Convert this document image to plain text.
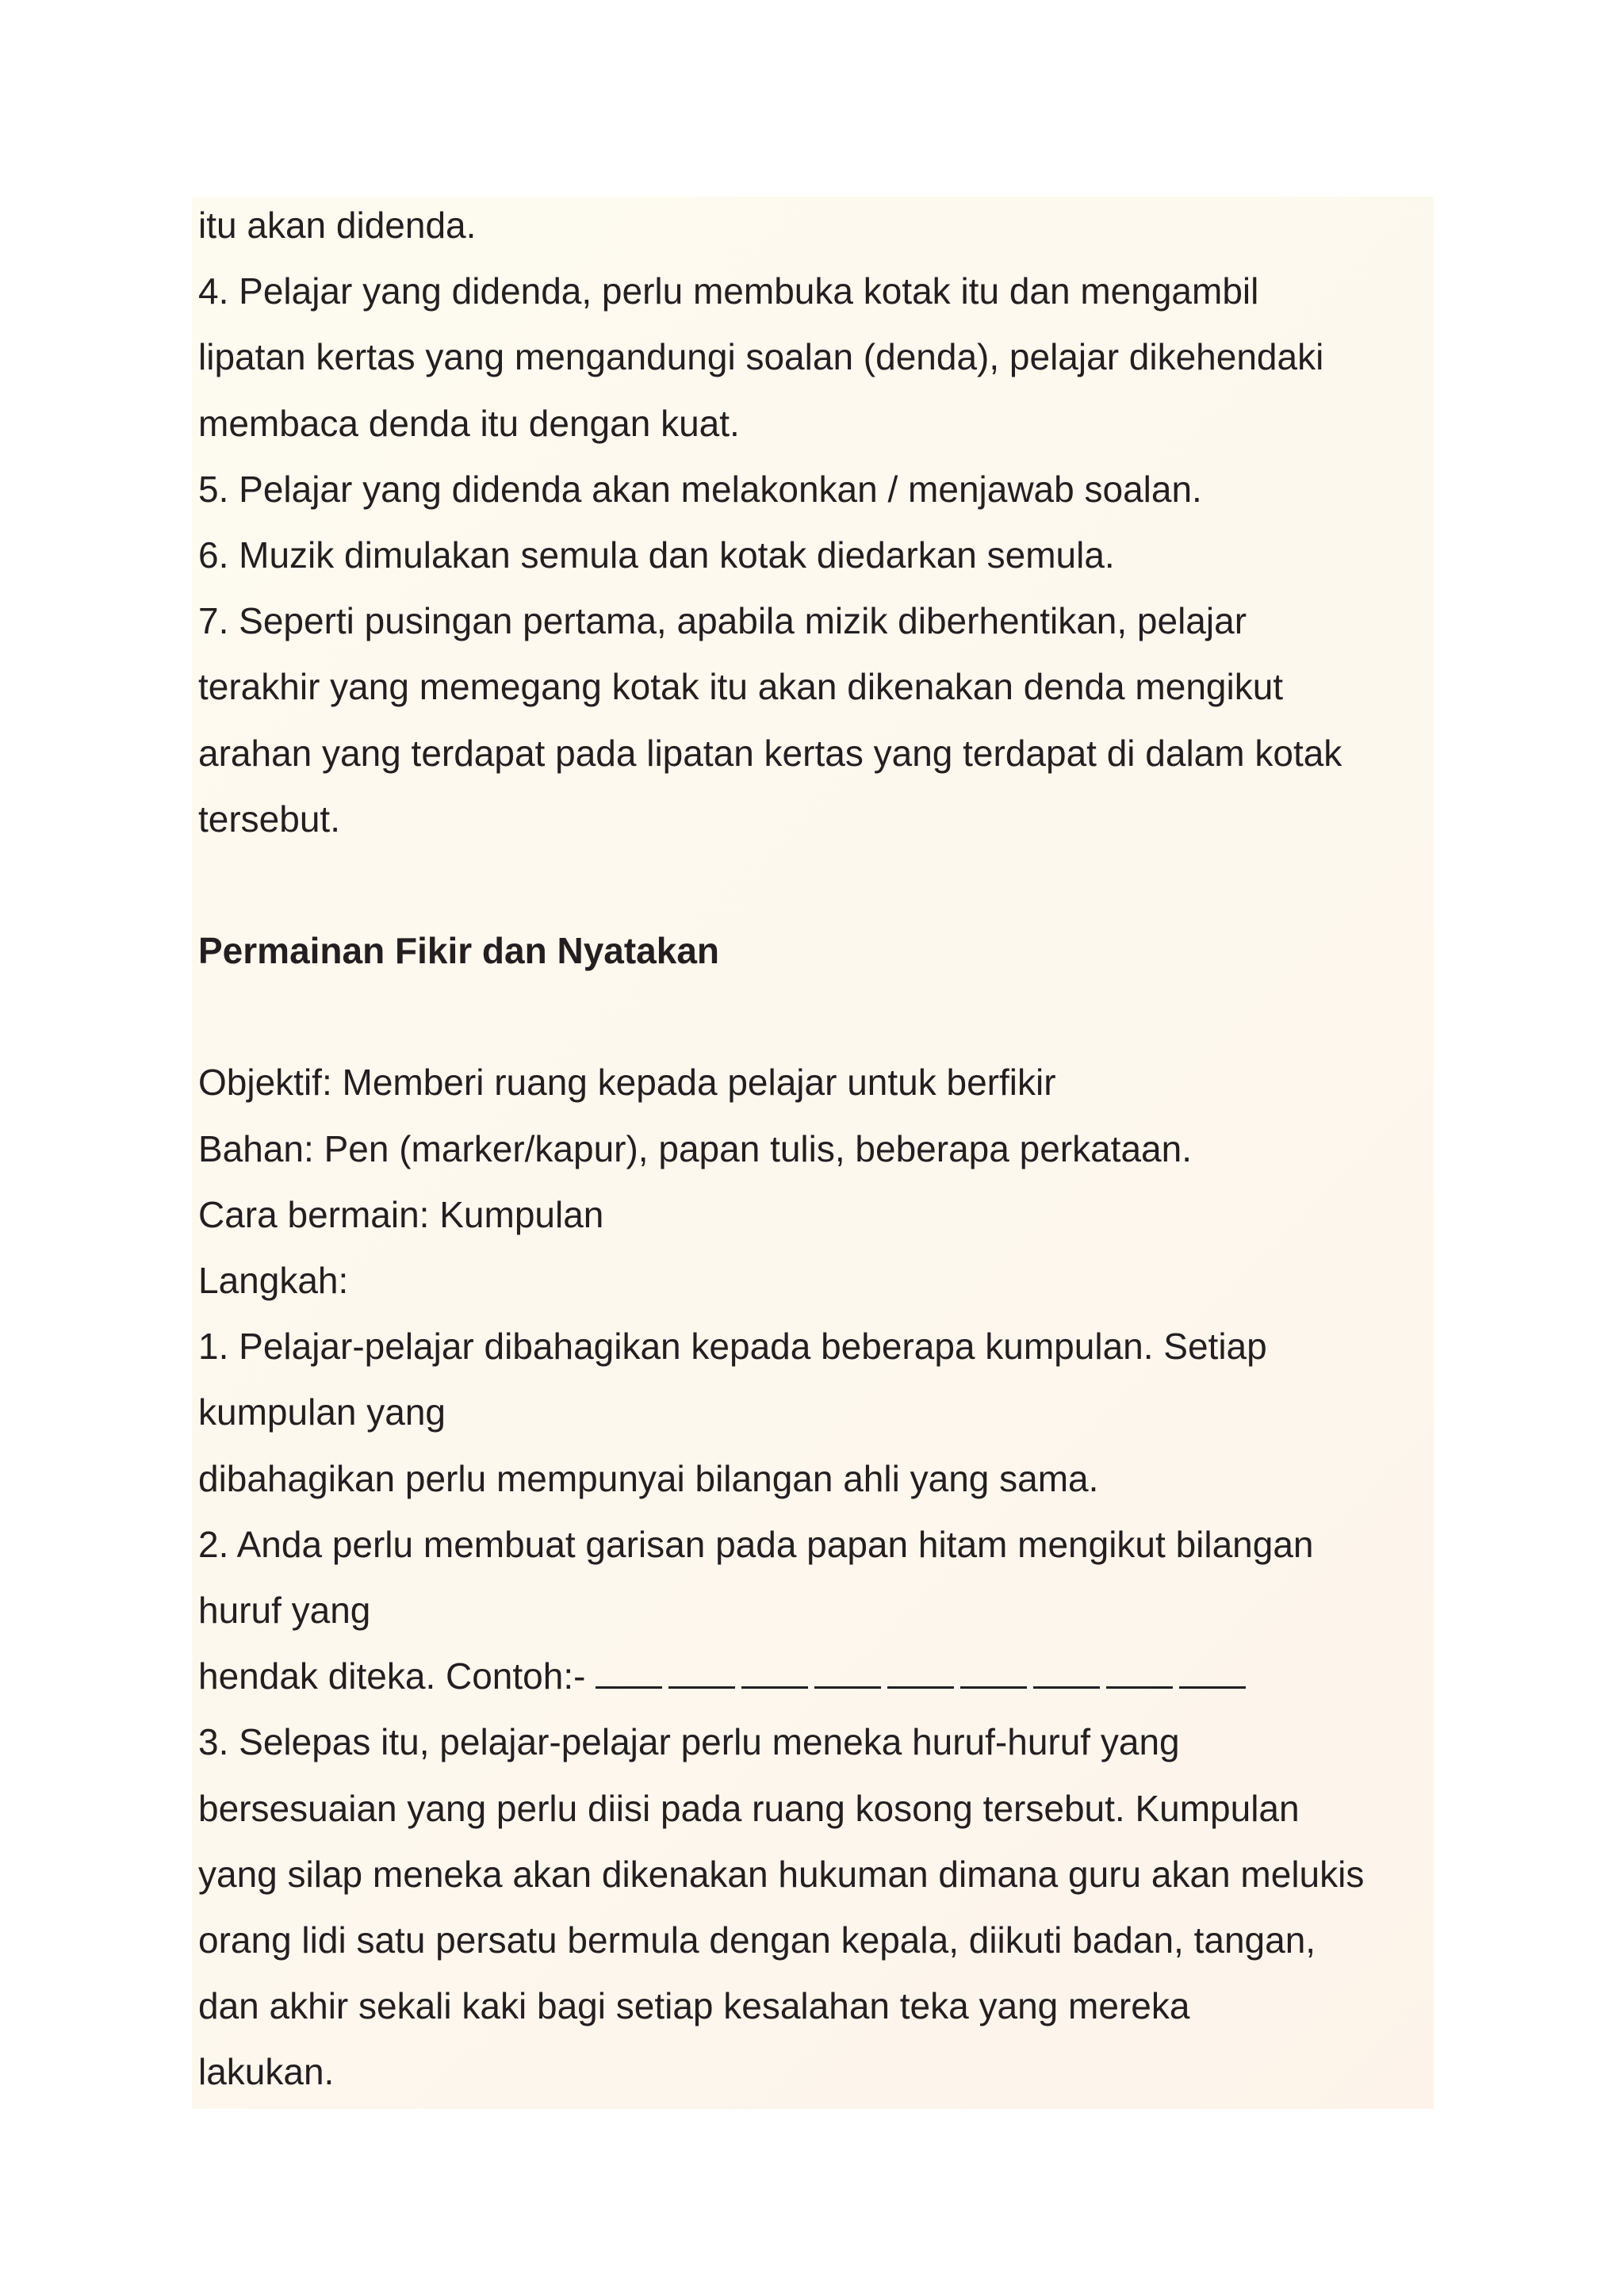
itu akan didenda.
4. Pelajar yang didenda, perlu membuka kotak itu dan mengambil
lipatan kertas yang mengandungi soalan (denda), pelajar dikehendaki
membaca denda itu dengan kuat.
5. Pelajar yang didenda akan melakonkan / menjawab soalan.
6. Muzik dimulakan semula dan kotak diedarkan semula.
7. Seperti pusingan pertama, apabila mizik diberhentikan, pelajar
terakhir yang memegang kotak itu akan dikenakan denda mengikut
arahan yang terdapat pada lipatan kertas yang terdapat di dalam kotak
tersebut.
Permainan Fikir dan Nyatakan
Objektif: Memberi ruang kepada pelajar untuk berfikir
Bahan: Pen (marker/kapur), papan tulis, beberapa perkataan.
Cara bermain: Kumpulan
Langkah:
1. Pelajar-pelajar dibahagikan kepada beberapa kumpulan. Setiap
kumpulan yang
dibahagikan perlu mempunyai bilangan ahli yang sama.
2. Anda perlu membuat garisan pada papan hitam mengikut bilangan
huruf yang
hendak diteka. Contoh:-
3. Selepas itu, pelajar-pelajar perlu meneka huruf-huruf yang
bersesuaian yang perlu diisi pada ruang kosong tersebut. Kumpulan
yang silap meneka akan dikenakan hukuman dimana guru akan melukis
orang lidi satu persatu bermula dengan kepala, diikuti badan, tangan,
dan akhir sekali kaki bagi setiap kesalahan teka yang mereka
lakukan.
